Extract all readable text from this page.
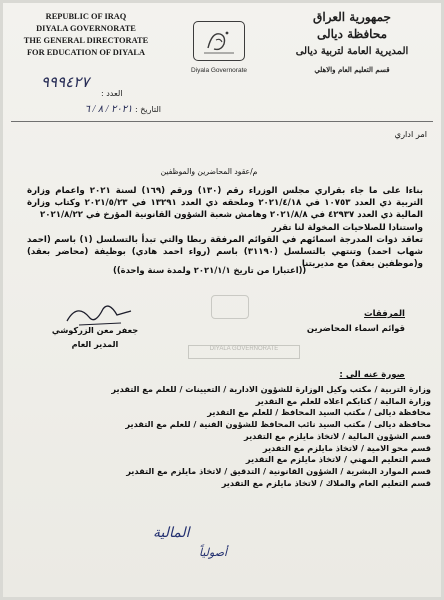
REPUBLIC OF IRAQ
DIYALA GOVERNORATE
THE GENERAL DIRECTORATE
FOR EDUCATION OF DIYALA
Diyala Governorate
جمهورية العراق
محافظة ديالى
المديرية العامة لتربية ديالى
قسم التعليم العام والاهلي
٩٩٩٤٢٧
العدد :
التاريخ : ٢٠٢١ / ٨ / ٦
امر اداري
م/عقود المحاضرين والموظفين

بناءا على ما جاء بقراري مجلس الوزراء رقم (١٣٠) ورقم (١٦٩) لسنة ٢٠٢١ واعمام وزارة التربية ذي العدد ١٠٧٥٣ في ٢٠٢١/٤/١٨ وملحقه ذي العدد ١٣٢٩١ في ٢٠٢١/٥/٢٣ وكتاب وزارة المالية ذي العدد ٤٢٩٣٧ في ٢٠٢١/٨/٨ وهامش شعبة الشؤون القانونية المؤرخ في ٢٠٢١/٨/٢٢

واستنادا للصلاحيات المخولة لنا تقرر

تعاقد ذوات المدرجة اسمائهم في القوائم المرفقة ربطا والتي تبدأ بالتسلسل (١) باسم (احمد شهاب احمد) وتنتهي بالتسلسل (٣١١٩٠) باسم (رواء احمد هادي) بوظيفة (محاضر بعقد) و(موظفين بعقد) مع مديريتنا

((اعتبارا من تاريخ ٢٠٢١/١/١ ولمدة سنة واحدة))
جعفر معن الزركوشي
المدير العام
المرفقات
قوائم اسماء المحاضرين
DIYALA GOVERNORATE
صورة عنه الى :
وزارة التربية / مكتب وكيل الوزارة للشؤون الادارية / التعيينات / للعلم مع التقدير
وزارة المالية / كتابكم اعلاه للعلم مع التقدير
محافظة ديالى / مكتب السيد المحافظ / للعلم مع التقدير
محافظة ديالى / مكتب السيد نائب المحافظ للشؤون الفنية / للعلم مع التقدير
قسم الشؤون المالية / لاتخاذ مايلزم مع التقدير
قسم محو الامية / لاتخاذ مايلزم مع التقدير
قسم التعليم المهني / لاتخاذ مايلزم مع التقدير
قسم الموارد البشرية / الشؤون القانونية / التدقيق / لاتخاذ مايلزم مع التقدير
قسم التعليم العام والملاك / لاتخاذ مايلزم مع التقدير
المالية
أصولياً
